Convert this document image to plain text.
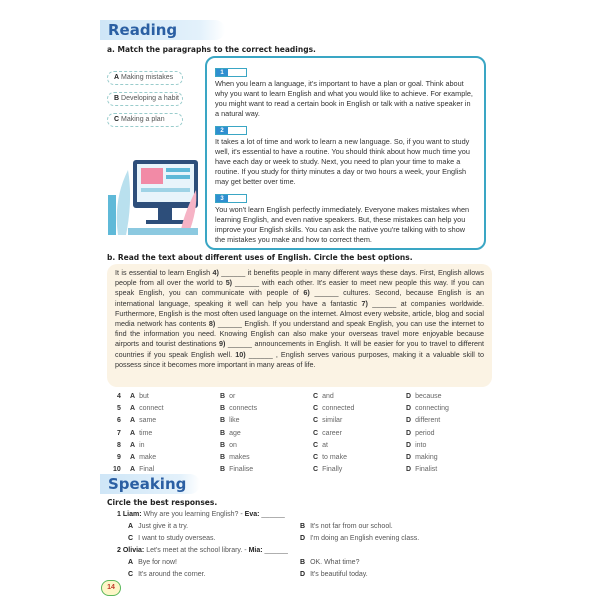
Reading
a. Match the paragraphs to the correct headings.
A Making mistakes
B Developing a habit
C Making a plan
1
When you learn a language, it's important to have a plan or goal. Think about why you want to learn English and what you would like to achieve. For example, you might want to read a certain book in English or talk with a native speaker in a natural way.
2
It takes a lot of time and work to learn a new language. So, if you want to study well, it's essential to have a routine. You should think about how much time you have each day or week to study. Next, you need to plan your time to make a routine. If you study for thirty minutes a day or two hours a week, your English may get better over time.
3
You won't learn English perfectly immediately. Everyone makes mistakes when learning English, and even native speakers. But, these mistakes can help you improve your English skills. You can ask the native you're talking with to show the mistakes you make and how to correct them.
b. Read the text about different uses of English. Circle the best options.
It is essential to learn English 4) ______ it benefits people in many different ways these days. First, English allows people from all over the world to 5) ______ with each other. It's easier to meet new people this way. If you can speak English, you can communicate with people of 6) ______ cultures. Second, because English is an international language, speaking it well can help you have a fantastic 7) ______ at companies worldwide. Furthermore, English is the most often used language on the internet. Almost every website, article, blog and social media network has contents 8) ______ English. If you understand and speak English, you can use the internet to find the information you need. Knowing English can also make your overseas travel more enjoyable because airports and tourist destinations 9) ______ announcements in English. It will be easier for you to travel to different countries if you speak English well. 10) ______ , English serves various purposes, making it a valuable skill to possess since it becomes more important in many areas of life.
4 A but	B or	C and	D because
5 A connect	B connects	C connected	D connecting
6 A same	B like	C similar	D different
7 A time	B age	C career	D period
8 A in	B on	C at	D into
9 A make	B makes	C to make	D making
10 A Final	B Finalise	C Finally	D Finalist
Speaking
Circle the best responses.
1 Liam: Why are you learning English? - Eva: ______
A Just give it a try.	B It's not far from our school.
C I want to study overseas.	D I'm doing an English evening class.
2 Olivia: Let's meet at the school library. - Mia: ______
A Bye for now!	B OK. What time?
C It's around the corner.	D It's beautiful today.
14
